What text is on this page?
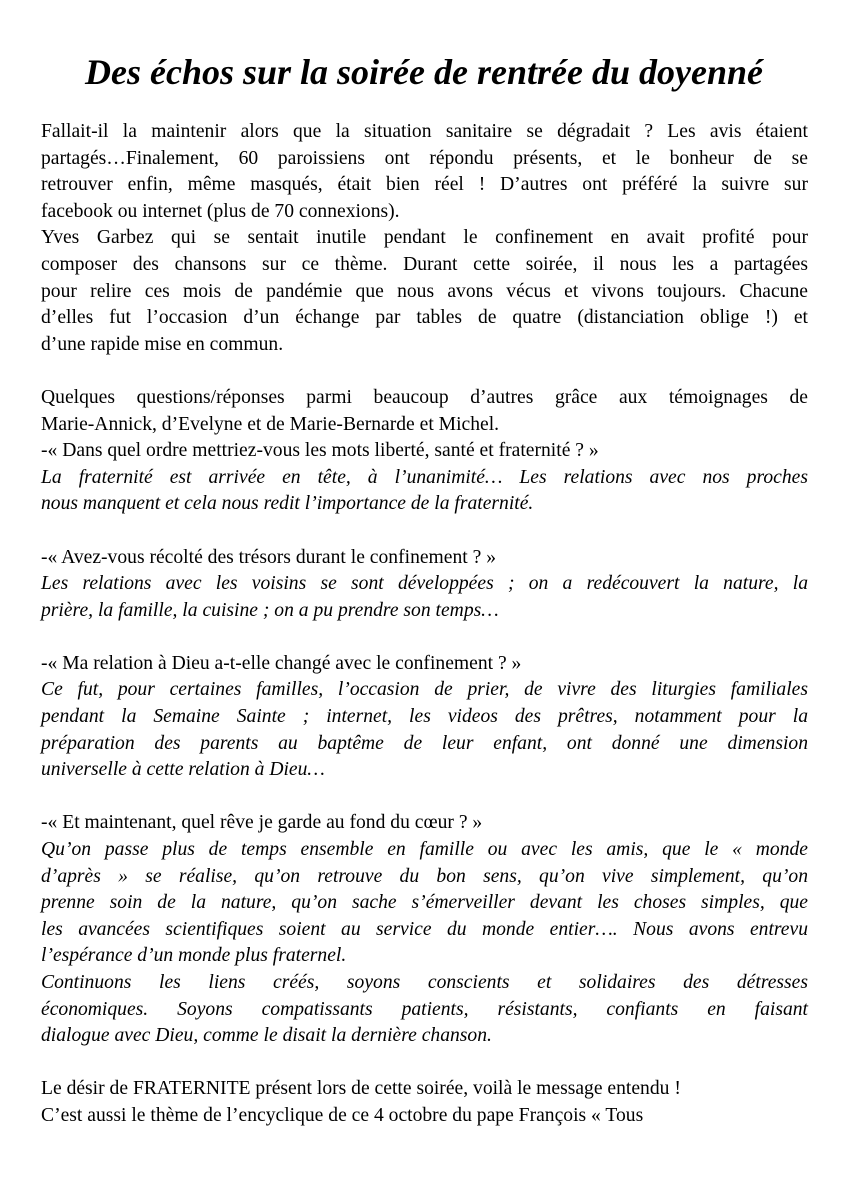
Des échos sur la soirée de rentrée du doyenné
Fallait-il la maintenir alors que la situation sanitaire se dégradait ? Les avis étaient
partagés…Finalement, 60 paroissiens ont répondu présents, et le bonheur de se
retrouver enfin, même masqués, était bien réel ! D’autres ont préféré la suivre sur
facebook ou internet (plus de 70 connexions).
Yves Garbez qui se sentait inutile pendant le confinement en avait profité pour
composer des chansons sur ce thème. Durant cette soirée, il nous les a partagées
pour relire ces mois de pandémie que nous avons vécus et vivons toujours. Chacune
d’elles fut l’occasion d’un échange par tables de quatre (distanciation oblige !) et
d’une rapide mise en commun.
Quelques questions/réponses parmi beaucoup d’autres grâce aux témoignages de
Marie-Annick, d’Evelyne et de Marie-Bernarde et Michel.
-« Dans quel ordre mettriez-vous les mots liberté, santé et fraternité ? »
La fraternité est arrivée en tête, à l’unanimité… Les relations avec nos proches
nous manquent et cela nous redit l’importance de la fraternité.
-« Avez-vous récolté des trésors durant le confinement ? »
Les relations avec les voisins se sont développées ; on a redécouvert la nature, la
prière, la famille, la cuisine ; on a pu prendre son temps…
-« Ma relation à Dieu a-t-elle changé avec le confinement ? »
Ce fut, pour certaines familles, l’occasion de prier, de vivre des liturgies familiales
pendant la Semaine Sainte ; internet, les videos des prêtres, notamment pour la
préparation des parents au baptême de leur enfant, ont donné une dimension
universelle à cette relation à Dieu…
-« Et maintenant, quel rêve je garde au fond du cœur ? »
Qu’on passe plus de temps ensemble en famille ou avec les amis, que le « monde
d’après » se réalise, qu’on retrouve du bon sens, qu’on vive simplement, qu’on
prenne soin de la nature, qu’on sache s’émerveiller devant les choses simples, que
les avancées scientifiques soient au service du monde entier…. Nous avons entrevu
l’espérance d’un monde plus fraternel.
Continuons les liens créés, soyons conscients et solidaires des détresses
économiques. Soyons compatissants patients, résistants, confiants en faisant
dialogue avec Dieu, comme le disait la dernière chanson.
Le désir de FRATERNITE présent lors de cette soirée, voilà le message entendu !
C’est aussi le thème de l’encyclique de ce 4 octobre du pape François « Tous
